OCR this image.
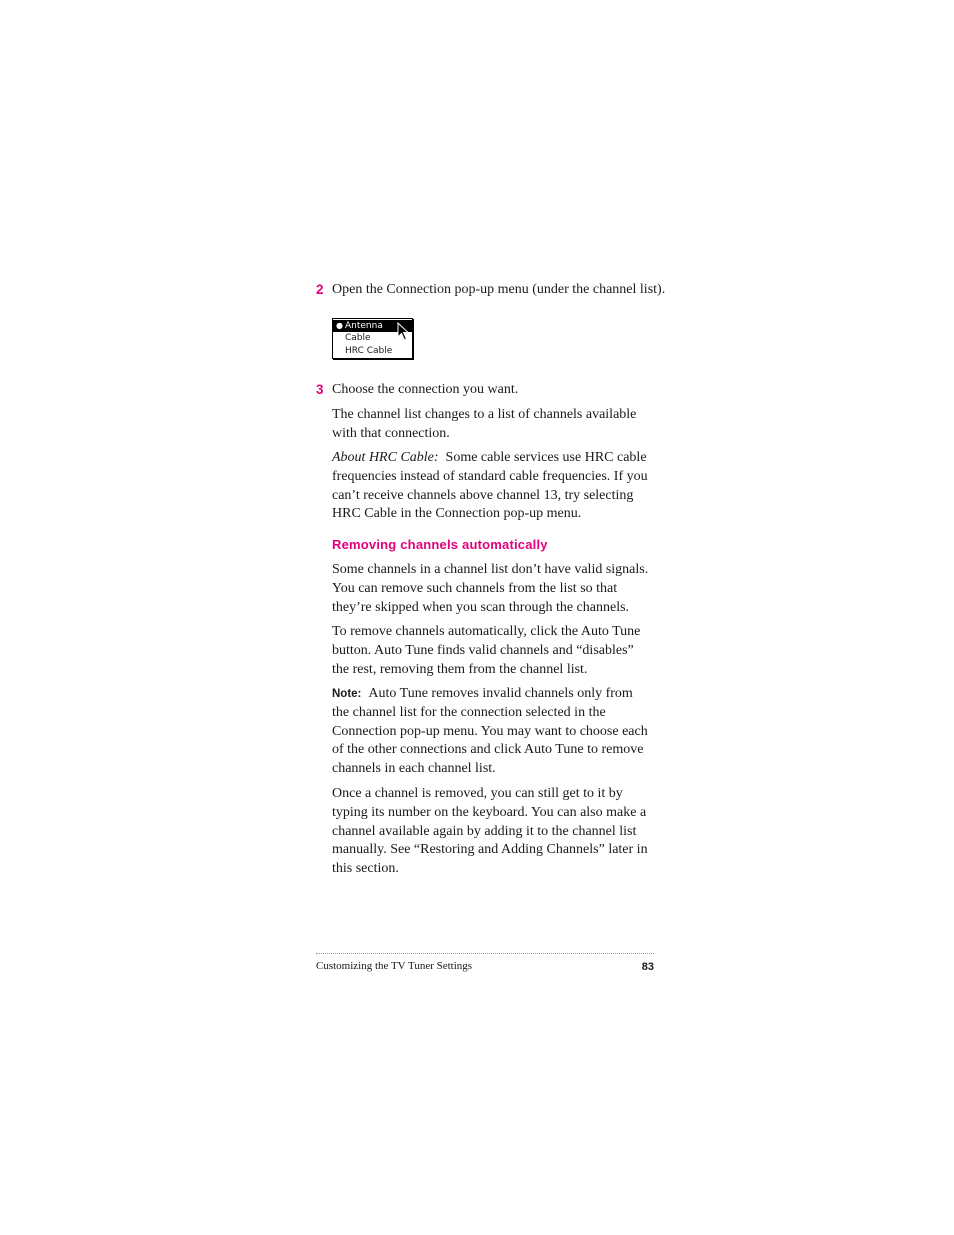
2 Open the Connection pop-up menu (under the channel list).
● Antenna
Cable
HRC Cable
3 Choose the connection you want.

The channel list changes to a list of channels available with that connection.

About HRC Cable: Some cable services use HRC cable frequencies instead of standard cable frequencies. If you can’t receive channels above channel 13, try selecting HRC Cable in the Connection pop-up menu.

Removing channels automatically

Some channels in a channel list don’t have valid signals. You can remove such channels from the list so that they’re skipped when you scan through the channels.

To remove channels automatically, click the Auto Tune button. Auto Tune finds valid channels and “disables” the rest, removing them from the channel list.

Note: Auto Tune removes invalid channels only from the channel list for the connection selected in the Connection pop-up menu. You may want to choose each of the other connections and click Auto Tune to remove channels in each channel list.

Once a channel is removed, you can still get to it by typing its number on the keyboard. You can also make a channel available again by adding it to the channel list manually. See “Restoring and Adding Channels” later in this section.

Customizing the TV Tuner Settings	83
